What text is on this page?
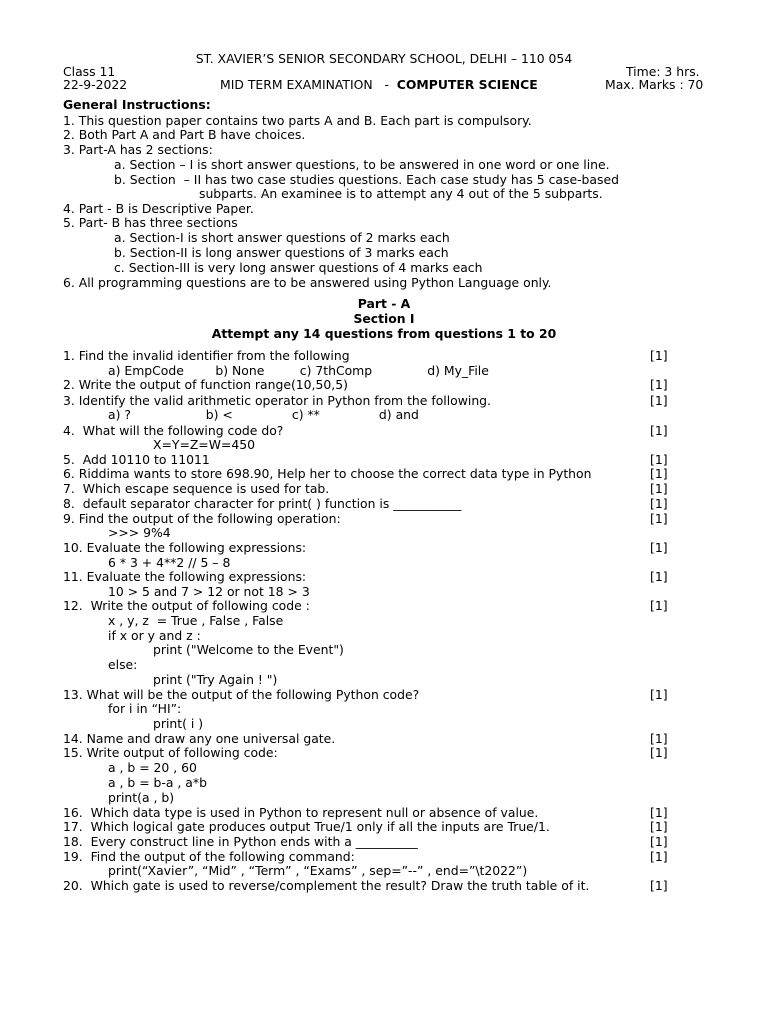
ST. XAVIER’S SENIOR SECONDARY SCHOOL, DELHI – 110 054
Class 11	Time: 3 hrs.
22-9-2022	MID TERM EXAMINATION   -  COMPUTER SCIENCE	Max. Marks : 70
General Instructions:
1. This question paper contains two parts A and B. Each part is compulsory.
2. Both Part A and Part B have choices.
3. Part-A has 2 sections:
a. Section – I is short answer questions, to be answered in one word or one line.
b. Section  – II has two case studies questions. Each case study has 5 case-based
subparts. An examinee is to attempt any 4 out of the 5 subparts.
4. Part - B is Descriptive Paper.
5. Part- B has three sections
a. Section-I is short answer questions of 2 marks each
b. Section-II is long answer questions of 3 marks each
c. Section-III is very long answer questions of 4 marks each
6. All programming questions are to be answered using Python Language only.
Part - A
Section I
Attempt any 14 questions from questions 1 to 20
1. Find the invalid identifier from the following	[1]
a) EmpCode        b) None         c) 7thComp              d) My_File
2. Write the output of function range(10,50,5)	[1]
3. Identify the valid arithmetic operator in Python from the following.	[1]
a) ?                   b) <               c) **               d) and
4.  What will the following code do?	[1]
X=Y=Z=W=450
5.  Add 10110 to 11011	[1]
6. Riddima wants to store 698.90, Help her to choose the correct data type in Python	[1]
7.  Which escape sequence is used for tab.	[1]
8.  default separator character for print( ) function is ___________	[1]
9. Find the output of the following operation:	[1]
>>> 9%4
10. Evaluate the following expressions:	[1]
6 * 3 + 4**2 // 5 – 8
11. Evaluate the following expressions:	[1]
10 > 5 and 7 > 12 or not 18 > 3
12.  Write the output of following code :	[1]
x , y, z  = True , False , False
if x or y and z :
print ("Welcome to the Event")
else:
print ("Try Again ! ")
13. What will be the output of the following Python code?	[1]
for i in “HI”:
print( i )
14. Name and draw any one universal gate.	[1]
15. Write output of following code:	[1]
a , b = 20 , 60
a , b = b-a , a*b
print(a , b)
16.  Which data type is used in Python to represent null or absence of value.	[1]
17.  Which logical gate produces output True/1 only if all the inputs are True/1.	[1]
18.  Every construct line in Python ends with a __________	[1]
19.  Find the output of the following command:	[1]
print(“Xavier”, “Mid” , “Term” , “Exams” , sep=”--” , end=”\t2022”)
20.  Which gate is used to reverse/complement the result? Draw the truth table of it.	[1]
